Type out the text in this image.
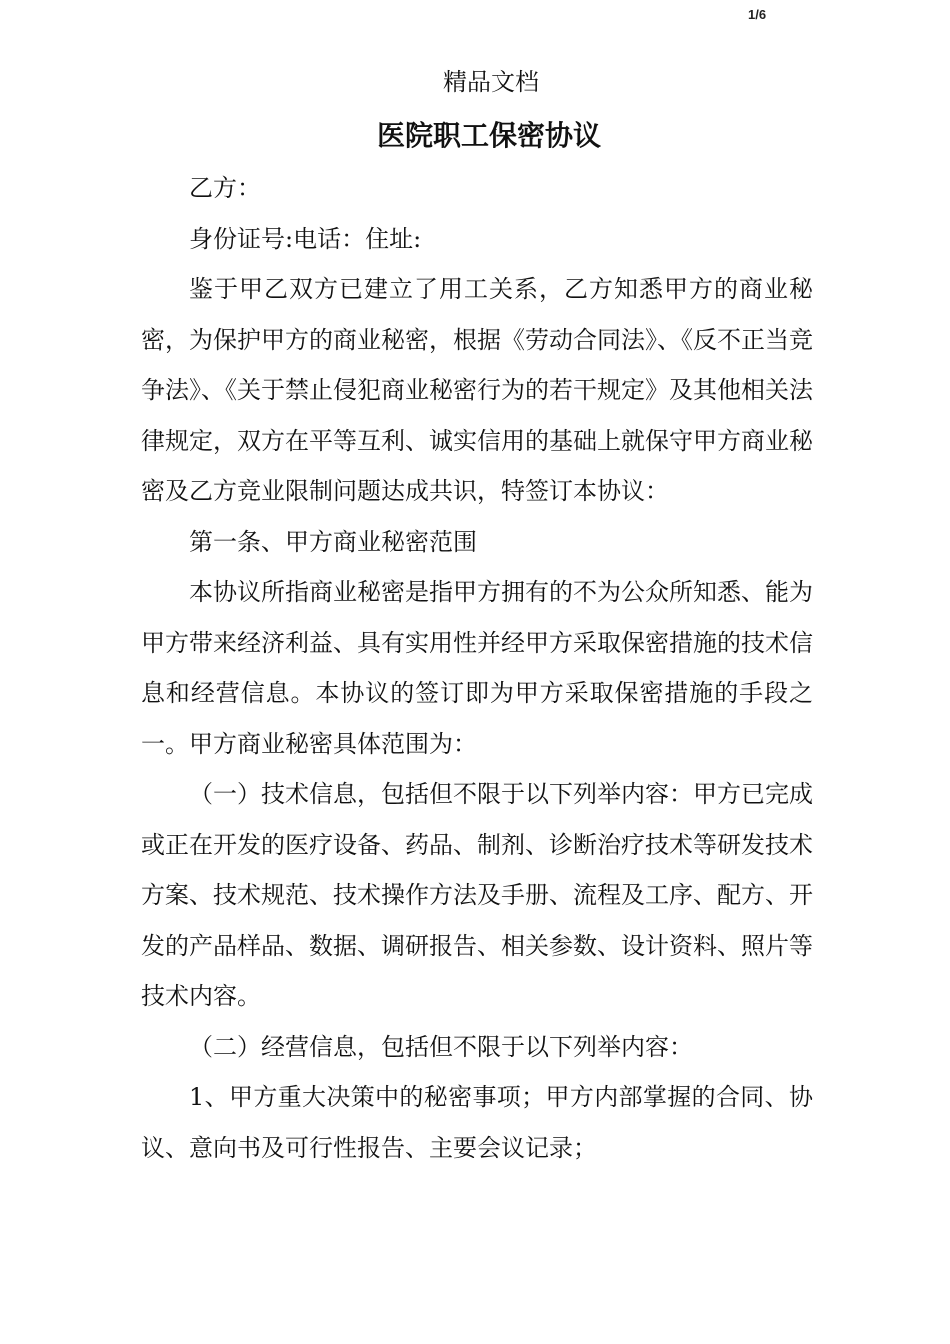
1/6
精品文档
医院职工保密协议

乙方：

身份证号:电话：住址:

鉴于甲乙双方已建立了用工关系，乙方知悉甲方的商业秘密，为保护甲方的商业秘密，根据《劳动合同法》、《反不正当竞争法》、《关于禁止侵犯商业秘密行为的若干规定》及其他相关法律规定，双方在平等互利、诚实信用的基础上就保守甲方商业秘密及乙方竞业限制问题达成共识，特签订本协议：

第一条、甲方商业秘密范围

本协议所指商业秘密是指甲方拥有的不为公众所知悉、能为甲方带来经济利益、具有实用性并经甲方采取保密措施的技术信息和经营信息。本协议的签订即为甲方采取保密措施的手段之一。甲方商业秘密具体范围为：

（一）技术信息，包括但不限于以下列举内容：甲方已完成或正在开发的医疗设备、药品、制剂、诊断治疗技术等研发技术方案、技术规范、技术操作方法及手册、流程及工序、配方、开发的产品样品、数据、调研报告、相关参数、设计资料、照片等技术内容。

（二）经营信息，包括但不限于以下列举内容：

1、甲方重大决策中的秘密事项；甲方内部掌握的合同、协议、意向书及可行性报告、主要会议记录；
